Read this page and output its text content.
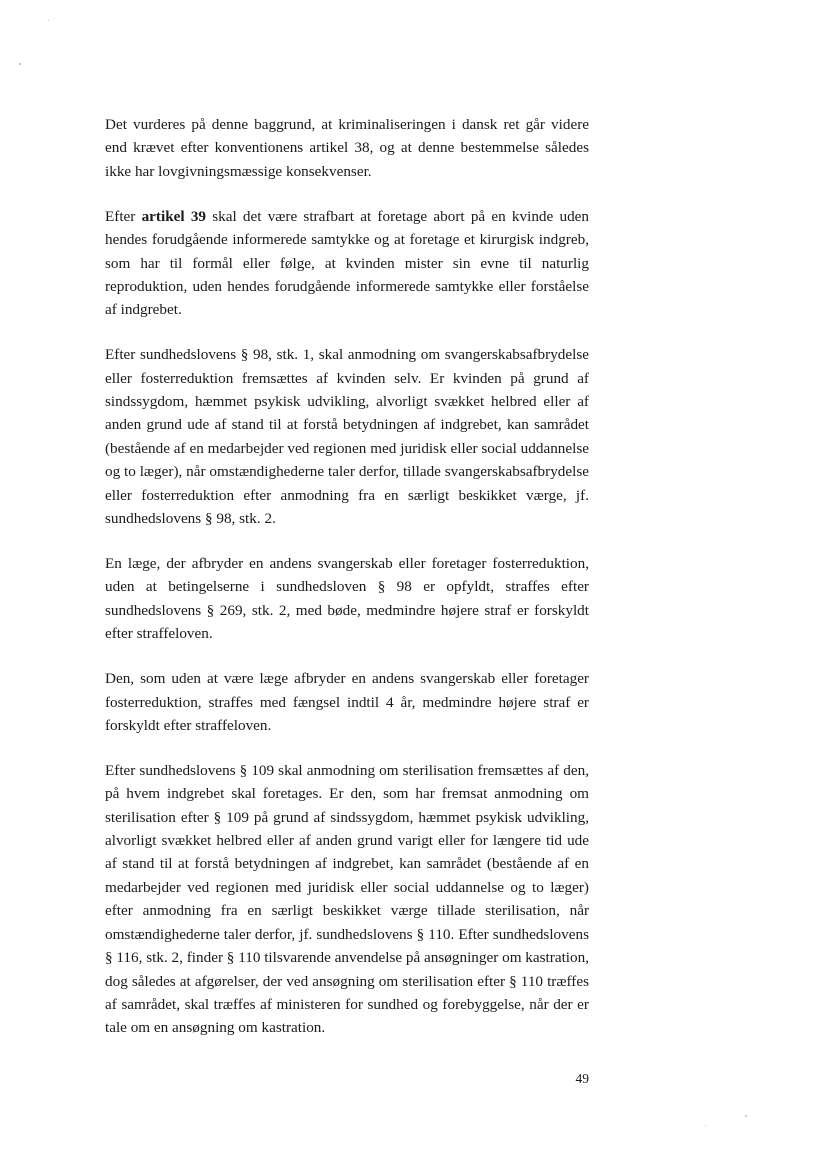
Det vurderes på denne baggrund, at kriminaliseringen i dansk ret går videre end krævet efter konventionens artikel 38, og at denne bestemmelse således ikke har lovgivningsmæssige konsekvenser.

Efter artikel 39 skal det være strafbart at foretage abort på en kvinde uden hendes forudgående informerede samtykke og at foretage et kirurgisk indgreb, som har til formål eller følge, at kvinden mister sin evne til naturlig reproduktion, uden hendes forudgående informerede samtykke eller forståelse af indgrebet.

Efter sundhedslovens § 98, stk. 1, skal anmodning om svangerskabsafbrydelse eller fosterreduktion fremsættes af kvinden selv. Er kvinden på grund af sindssygdom, hæmmet psykisk udvikling, alvorligt svækket helbred eller af anden grund ude af stand til at forstå betydningen af indgrebet, kan samrådet (bestående af en medarbejder ved regionen med juridisk eller social uddannelse og to læger), når omstændighederne taler derfor, tillade svangerskabsafbrydelse eller fosterreduktion efter anmodning fra en særligt beskikket værge, jf. sundhedslovens § 98, stk. 2.

En læge, der afbryder en andens svangerskab eller foretager fosterreduktion, uden at betingelserne i sundhedsloven § 98 er opfyldt, straffes efter sundhedslovens § 269, stk. 2, med bøde, medmindre højere straf er forskyldt efter straffeloven.

Den, som uden at være læge afbryder en andens svangerskab eller foretager fosterreduktion, straffes med fængsel indtil 4 år, medmindre højere straf er forskyldt efter straffeloven.

Efter sundhedslovens § 109 skal anmodning om sterilisation fremsættes af den, på hvem indgrebet skal foretages. Er den, som har fremsat anmodning om sterilisation efter § 109 på grund af sindssygdom, hæmmet psykisk udvikling, alvorligt svækket helbred eller af anden grund varigt eller for længere tid ude af stand til at forstå betydningen af indgrebet, kan samrådet (bestående af en medarbejder ved regionen med juridisk eller social uddannelse og to læger) efter anmodning fra en særligt beskikket værge tillade sterilisation, når omstændighederne taler derfor, jf. sundhedslovens § 110. Efter sundhedslovens § 116, stk. 2, finder § 110 tilsvarende anvendelse på ansøgninger om kastration, dog således at afgørelser, der ved ansøgning om sterilisation efter § 110 træffes af samrådet, skal træffes af ministeren for sundhed og forebyggelse, når der er tale om en ansøgning om kastration.

49
